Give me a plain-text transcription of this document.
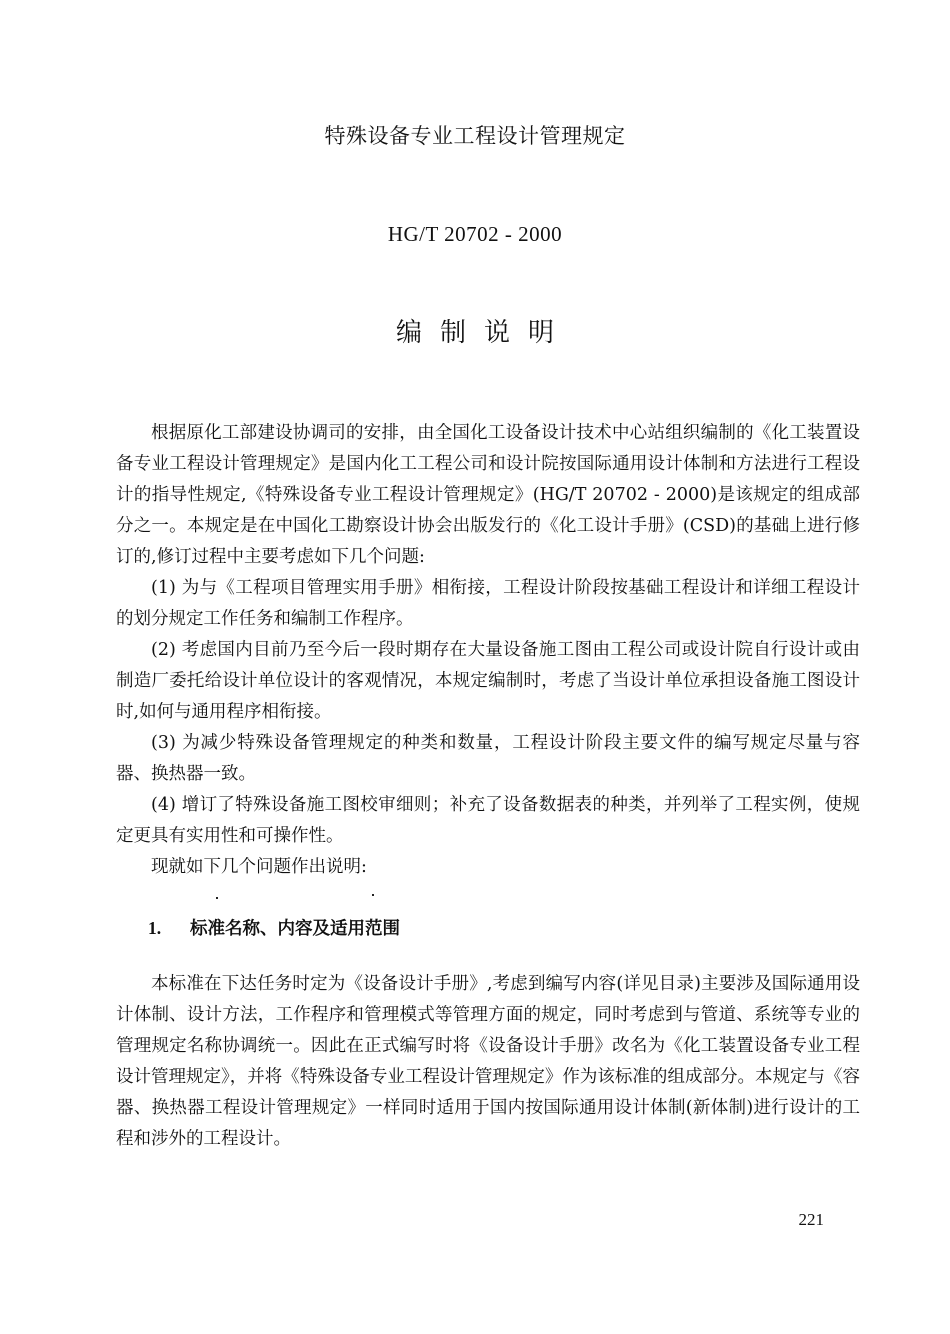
特殊设备专业工程设计管理规定
HG/T 20702 - 2000
编制说明

根据原化工部建设协调司的安排，由全国化工设备设计技术中心站组织编制的《化工装置设备专业工程设计管理规定》是国内化工工程公司和设计院按国际通用设计体制和方法进行工程设计的指导性规定,《特殊设备专业工程设计管理规定》(HG/T 20702 - 2000)是该规定的组成部分之一。本规定是在中国化工勘察设计协会出版发行的《化工设计手册》(CSD)的基础上进行修订的,修订过程中主要考虑如下几个问题:

(1) 为与《工程项目管理实用手册》相衔接，工程设计阶段按基础工程设计和详细工程设计的划分规定工作任务和编制工作程序。

(2) 考虑国内目前乃至今后一段时期存在大量设备施工图由工程公司或设计院自行设计或由制造厂委托给设计单位设计的客观情况，本规定编制时，考虑了当设计单位承担设备施工图设计时,如何与通用程序相衔接。

(3) 为减少特殊设备管理规定的种类和数量，工程设计阶段主要文件的编写规定尽量与容器、换热器一致。

(4) 增订了特殊设备施工图校审细则；补充了设备数据表的种类，并列举了工程实例，使规定更具有实用性和可操作性。

现就如下几个问题作出说明:

1. 标准名称、内容及适用范围

本标准在下达任务时定为《设备设计手册》,考虑到编写内容(详见目录)主要涉及国际通用设计体制、设计方法，工作程序和管理模式等管理方面的规定，同时考虑到与管道、系统等专业的管理规定名称协调统一。因此在正式编写时将《设备设计手册》改名为《化工装置设备专业工程设计管理规定》，并将《特殊设备专业工程设计管理规定》作为该标准的组成部分。本规定与《容器、换热器工程设计管理规定》一样同时适用于国内按国际通用设计体制(新体制)进行设计的工程和涉外的工程设计。

221
